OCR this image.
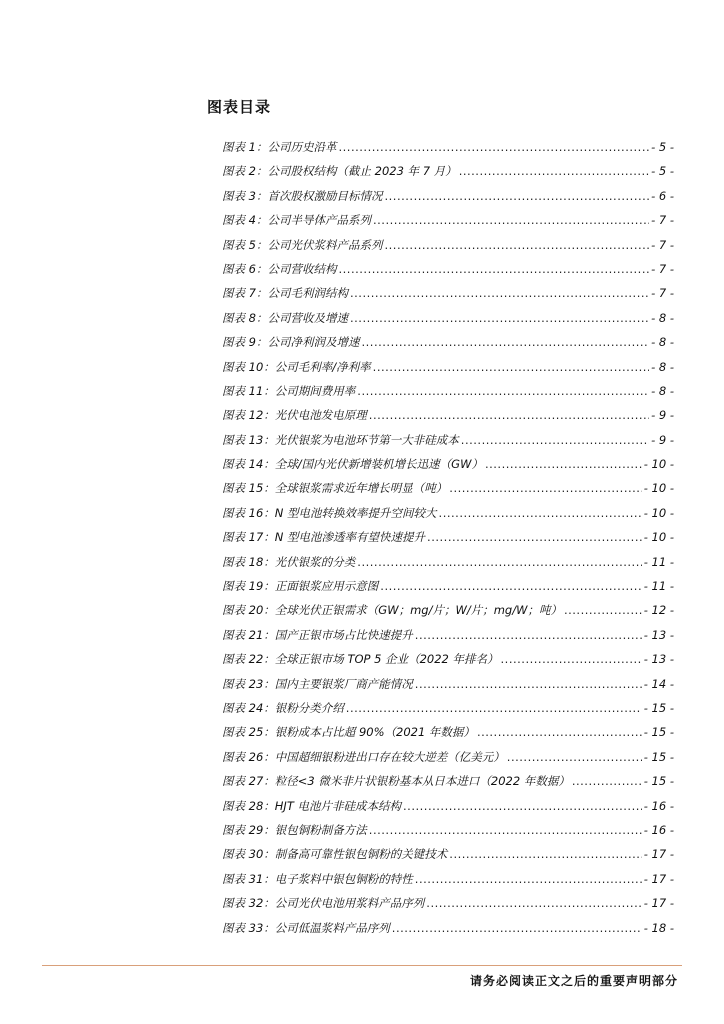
图表目录
图表 1：公司历史沿革 .....	- 5 -
图表 2：公司股权结构（截止 2023 年 7 月） .....	- 5 -
图表 3：首次股权激励目标情况 .....	- 6 -
图表 4：公司半导体产品系列 .....	- 7 -
图表 5：公司光伏浆料产品系列 .....	- 7 -
图表 6：公司营收结构 .....	- 7 -
图表 7：公司毛利润结构 .....	- 7 -
图表 8：公司营收及增速 .....	- 8 -
图表 9：公司净利润及增速 .....	- 8 -
图表 10：公司毛利率/净利率 .....	- 8 -
图表 11：公司期间费用率 .....	- 8 -
图表 12：光伏电池发电原理 .....	- 9 -
图表 13：光伏银浆为电池环节第一大非硅成本 .....	- 9 -
图表 14：全球/国内光伏新增装机增长迅速（GW） .....	- 10 -
图表 15：全球银浆需求近年增长明显（吨） .....	- 10 -
图表 16：N 型电池转换效率提升空间较大 .....	- 10 -
图表 17：N 型电池渗透率有望快速提升 .....	- 10 -
图表 18：光伏银浆的分类 .....	- 11 -
图表 19：正面银浆应用示意图 .....	- 11 -
图表 20：全球光伏正银需求（GW；mg/片；W/片；mg/W；吨） .....	- 12 -
图表 21：国产正银市场占比快速提升 .....	- 13 -
图表 22：全球正银市场 TOP 5 企业（2022 年排名） .....	- 13 -
图表 23：国内主要银浆厂商产能情况 .....	- 14 -
图表 24：银粉分类介绍 .....	- 15 -
图表 25：银粉成本占比超 90%（2021 年数据） .....	- 15 -
图表 26：中国超细银粉进出口存在较大逆差（亿美元） .....	- 15 -
图表 27：粒径<3 微米非片状银粉基本从日本进口（2022 年数据） .....	- 15 -
图表 28：HJT 电池片非硅成本结构 .....	- 16 -
图表 29：银包铜粉制备方法 .....	- 16 -
图表 30：制备高可靠性银包铜粉的关键技术 .....	- 17 -
图表 31：电子浆料中银包铜粉的特性 .....	- 17 -
图表 32：公司光伏电池用浆料产品序列 .....	- 17 -
图表 33：公司低温浆料产品序列 .....	- 18 -
请务必阅读正文之后的重要声明部分
